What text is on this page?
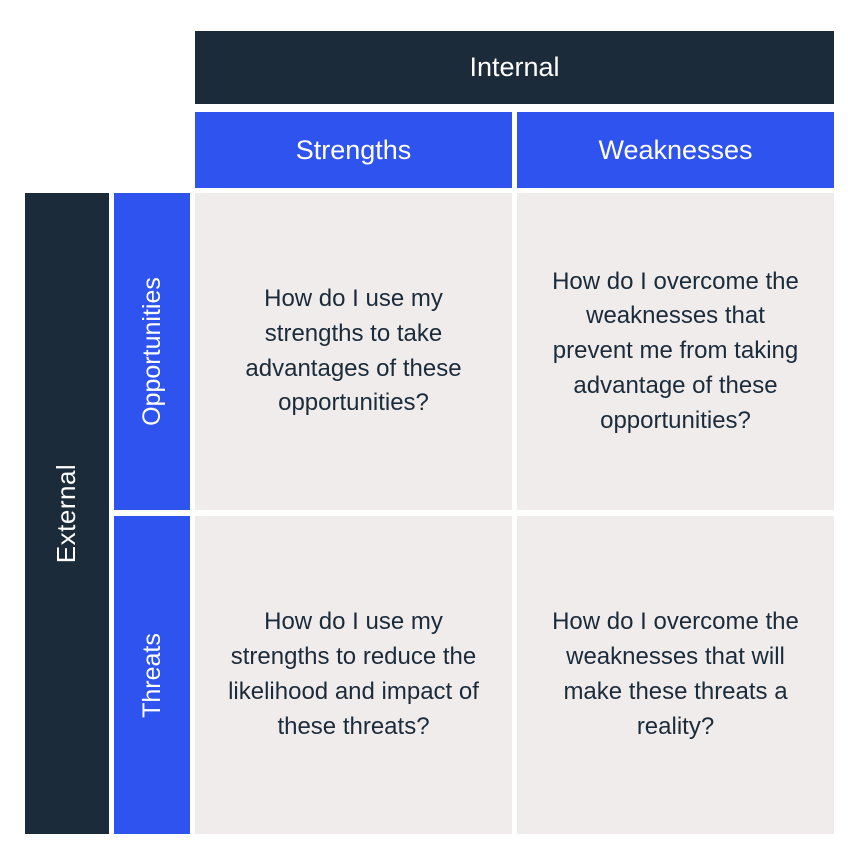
External
Internal
Strengths	Weaknesses
Opportunities
Threats
How do I use my strengths to take advantages of these opportunities?
How do I overcome the weaknesses that prevent me from taking advantage of these opportunities?
How do I use my strengths to reduce the likelihood and impact of these threats?
How do I overcome the weaknesses that will make these threats a reality?
